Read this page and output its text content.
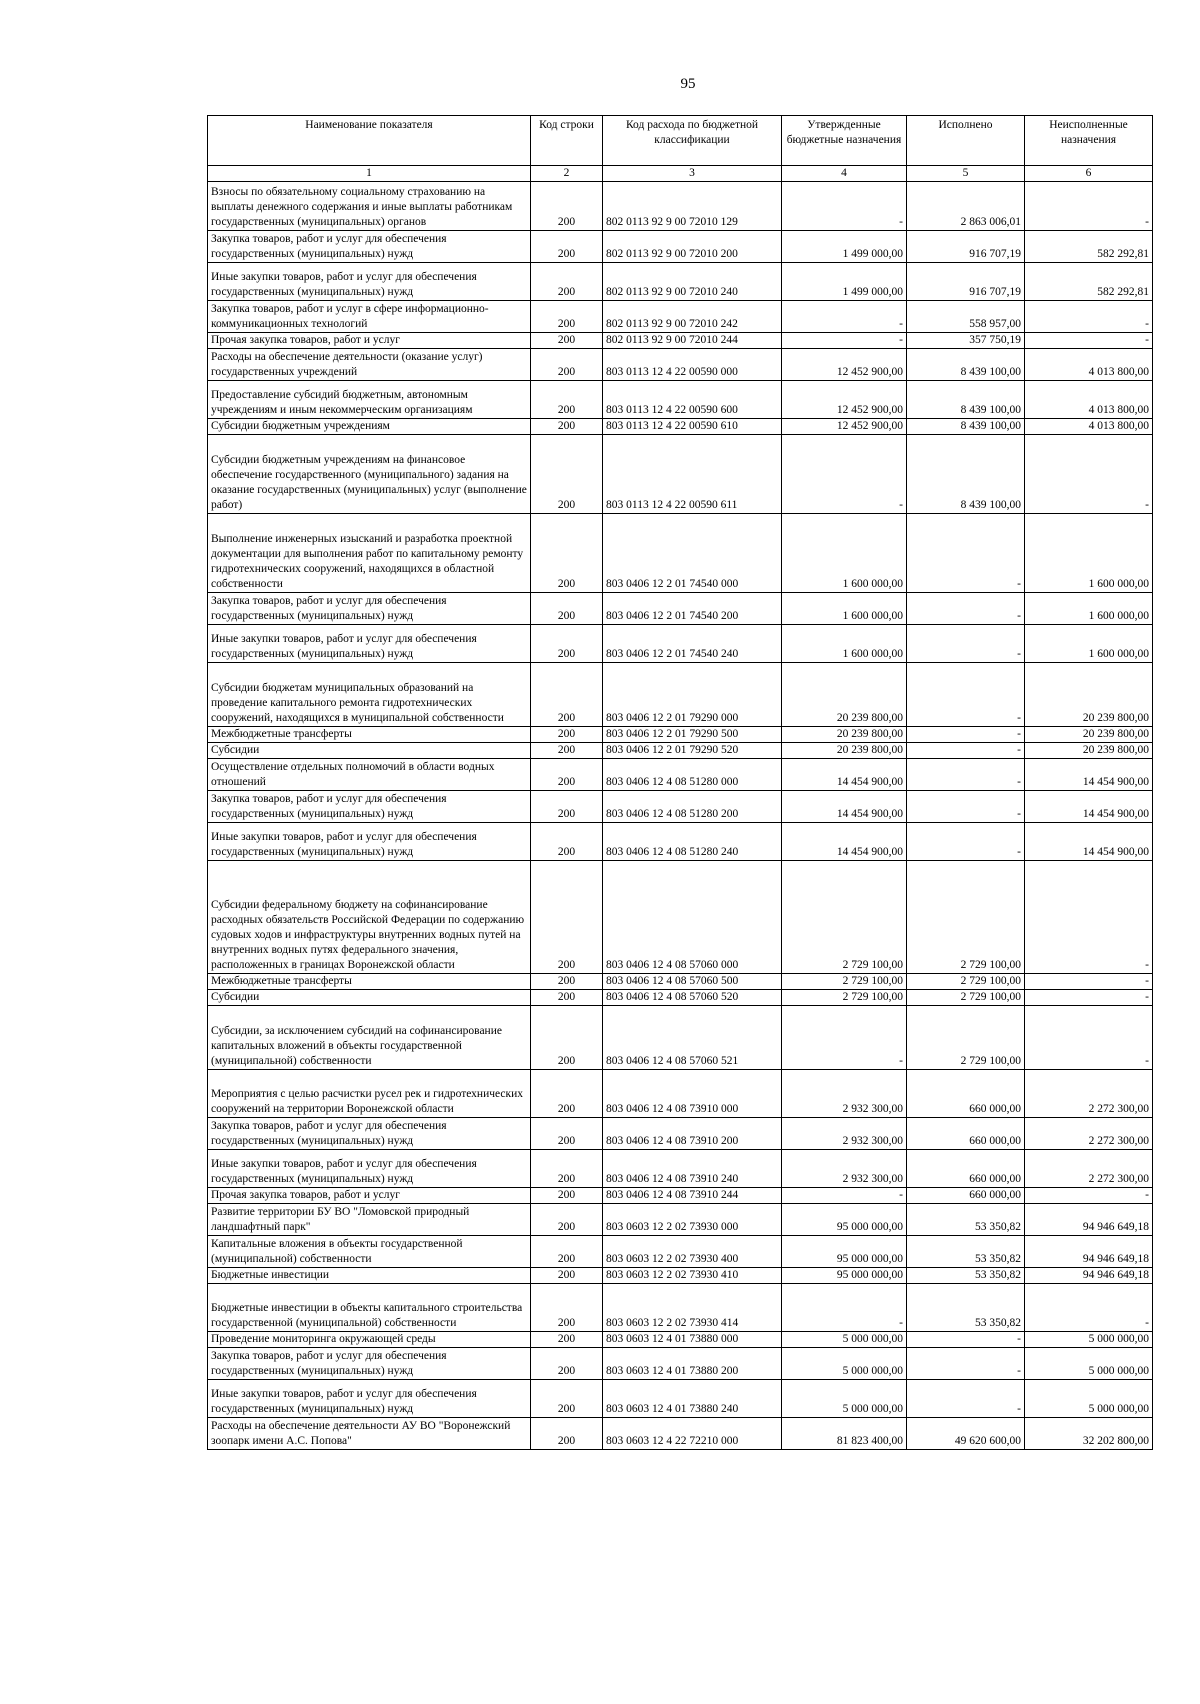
95
Наименование показателя	Код строки	Код расхода по бюджетной классификации	Утвержденные бюджетные назначения	Исполнено	Неисполненные назначения
1	2	3	4	5	6
Взносы по обязательному социальному страхованию на выплаты денежного содержания и иные выплаты работникам государственных (муниципальных) органов	200	802 0113 92 9 00 72010 129	-	2 863 006,01	-
Закупка товаров, работ и услуг для обеспечения государственных (муниципальных) нужд	200	802 0113 92 9 00 72010 200	1 499 000,00	916 707,19	582 292,81
Иные закупки товаров, работ и услуг для обеспечения государственных (муниципальных) нужд	200	802 0113 92 9 00 72010 240	1 499 000,00	916 707,19	582 292,81
Закупка товаров, работ и услуг в сфере информационно-коммуникационных технологий	200	802 0113 92 9 00 72010 242	-	558 957,00	-
Прочая закупка товаров, работ и услуг	200	802 0113 92 9 00 72010 244	-	357 750,19	-
Расходы на обеспечение деятельности (оказание услуг) государственных учреждений	200	803 0113 12 4 22 00590 000	12 452 900,00	8 439 100,00	4 013 800,00
Предоставление субсидий бюджетным, автономным учреждениям и иным некоммерческим организациям	200	803 0113 12 4 22 00590 600	12 452 900,00	8 439 100,00	4 013 800,00
Субсидии бюджетным учреждениям	200	803 0113 12 4 22 00590 610	12 452 900,00	8 439 100,00	4 013 800,00
Субсидии бюджетным учреждениям на финансовое обеспечение государственного (муниципального) задания на оказание государственных (муниципальных) услуг (выполнение работ)	200	803 0113 12 4 22 00590 611	-	8 439 100,00	-
Выполнение инженерных изысканий и разработка проектной документации для выполнения работ по капитальному ремонту гидротехнических сооружений, находящихся в областной собственности	200	803 0406 12 2 01 74540 000	1 600 000,00	-	1 600 000,00
Закупка товаров, работ и услуг для обеспечения государственных (муниципальных) нужд	200	803 0406 12 2 01 74540 200	1 600 000,00	-	1 600 000,00
Иные закупки товаров, работ и услуг для обеспечения государственных (муниципальных) нужд	200	803 0406 12 2 01 74540 240	1 600 000,00	-	1 600 000,00
Субсидии бюджетам муниципальных образований на проведение капитального ремонта гидротехнических сооружений, находящихся в муниципальной собственности	200	803 0406 12 2 01 79290 000	20 239 800,00	-	20 239 800,00
Межбюджетные трансферты	200	803 0406 12 2 01 79290 500	20 239 800,00	-	20 239 800,00
Субсидии	200	803 0406 12 2 01 79290 520	20 239 800,00	-	20 239 800,00
Осуществление отдельных полномочий в области водных отношений	200	803 0406 12 4 08 51280 000	14 454 900,00	-	14 454 900,00
Закупка товаров, работ и услуг для обеспечения государственных (муниципальных) нужд	200	803 0406 12 4 08 51280 200	14 454 900,00	-	14 454 900,00
Иные закупки товаров, работ и услуг для обеспечения государственных (муниципальных) нужд	200	803 0406 12 4 08 51280 240	14 454 900,00	-	14 454 900,00
Субсидии федеральному бюджету на софинансирование расходных обязательств Российской Федерации по содержанию судовых ходов и инфраструктуры внутренних водных путей на внутренних водных путях федерального значения, расположенных в границах Воронежской области	200	803 0406 12 4 08 57060 000	2 729 100,00	2 729 100,00	-
Межбюджетные трансферты	200	803 0406 12 4 08 57060 500	2 729 100,00	2 729 100,00	-
Субсидии	200	803 0406 12 4 08 57060 520	2 729 100,00	2 729 100,00	-
Субсидии, за исключением субсидий на софинансирование капитальных вложений в объекты государственной (муниципальной) собственности	200	803 0406 12 4 08 57060 521	-	2 729 100,00	-
Мероприятия с целью расчистки русел рек и гидротехнических сооружений на территории Воронежской области	200	803 0406 12 4 08 73910 000	2 932 300,00	660 000,00	2 272 300,00
Закупка товаров, работ и услуг для обеспечения государственных (муниципальных) нужд	200	803 0406 12 4 08 73910 200	2 932 300,00	660 000,00	2 272 300,00
Иные закупки товаров, работ и услуг для обеспечения государственных (муниципальных) нужд	200	803 0406 12 4 08 73910 240	2 932 300,00	660 000,00	2 272 300,00
Прочая закупка товаров, работ и услуг	200	803 0406 12 4 08 73910 244	-	660 000,00	-
Развитие территории БУ ВО "Ломовской природный ландшафтный парк"	200	803 0603 12 2 02 73930 000	95 000 000,00	53 350,82	94 946 649,18
Капитальные вложения в объекты государственной (муниципальной) собственности	200	803 0603 12 2 02 73930 400	95 000 000,00	53 350,82	94 946 649,18
Бюджетные инвестиции	200	803 0603 12 2 02 73930 410	95 000 000,00	53 350,82	94 946 649,18
Бюджетные инвестиции в объекты капитального строительства государственной (муниципальной) собственности	200	803 0603 12 2 02 73930 414	-	53 350,82	-
Проведение мониторинга окружающей среды	200	803 0603 12 4 01 73880 000	5 000 000,00	-	5 000 000,00
Закупка товаров, работ и услуг для обеспечения государственных (муниципальных) нужд	200	803 0603 12 4 01 73880 200	5 000 000,00	-	5 000 000,00
Иные закупки товаров, работ и услуг для обеспечения государственных (муниципальных) нужд	200	803 0603 12 4 01 73880 240	5 000 000,00	-	5 000 000,00
Расходы на обеспечение деятельности АУ ВО "Воронежский зоопарк имени А.С. Попова"	200	803 0603 12 4 22 72210 000	81 823 400,00	49 620 600,00	32 202 800,00
